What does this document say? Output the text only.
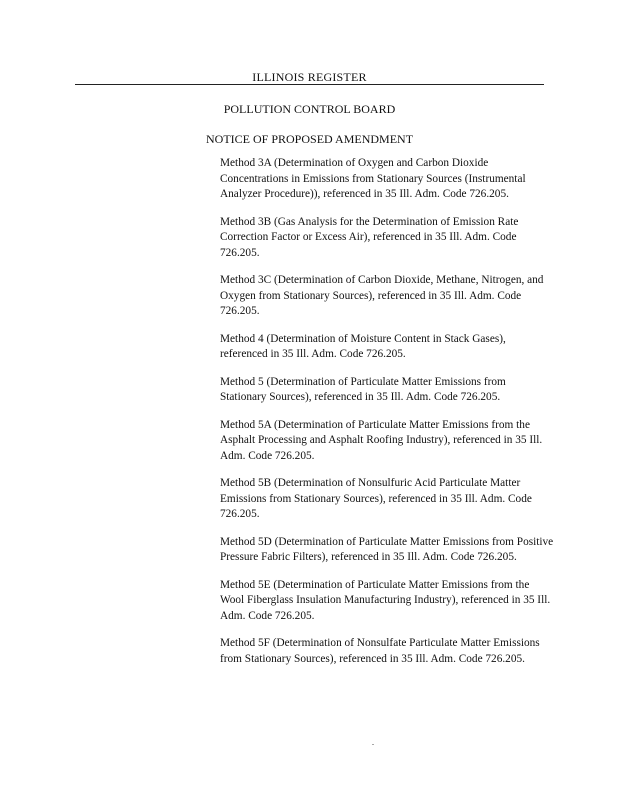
ILLINOIS REGISTER
POLLUTION CONTROL BOARD
NOTICE OF PROPOSED AMENDMENT

Method 3A (Determination of Oxygen and Carbon Dioxide Concentrations in Emissions from Stationary Sources (Instrumental Analyzer Procedure)), referenced in 35 Ill. Adm. Code 726.205.

Method 3B (Gas Analysis for the Determination of Emission Rate Correction Factor or Excess Air), referenced in 35 Ill. Adm. Code 726.205.

Method 3C (Determination of Carbon Dioxide, Methane, Nitrogen, and Oxygen from Stationary Sources), referenced in 35 Ill. Adm. Code 726.205.

Method 4 (Determination of Moisture Content in Stack Gases), referenced in 35 Ill. Adm. Code 726.205.

Method 5 (Determination of Particulate Matter Emissions from Stationary Sources), referenced in 35 Ill. Adm. Code 726.205.

Method 5A (Determination of Particulate Matter Emissions from the Asphalt Processing and Asphalt Roofing Industry), referenced in 35 Ill. Adm. Code 726.205.

Method 5B (Determination of Nonsulfuric Acid Particulate Matter Emissions from Stationary Sources), referenced in 35 Ill. Adm. Code 726.205.

Method 5D (Determination of Particulate Matter Emissions from Positive Pressure Fabric Filters), referenced in 35 Ill. Adm. Code 726.205.

Method 5E (Determination of Particulate Matter Emissions from the Wool Fiberglass Insulation Manufacturing Industry), referenced in 35 Ill. Adm. Code 726.205.

Method 5F (Determination of Nonsulfate Particulate Matter Emissions from Stationary Sources), referenced in 35 Ill. Adm. Code 726.205.

.
